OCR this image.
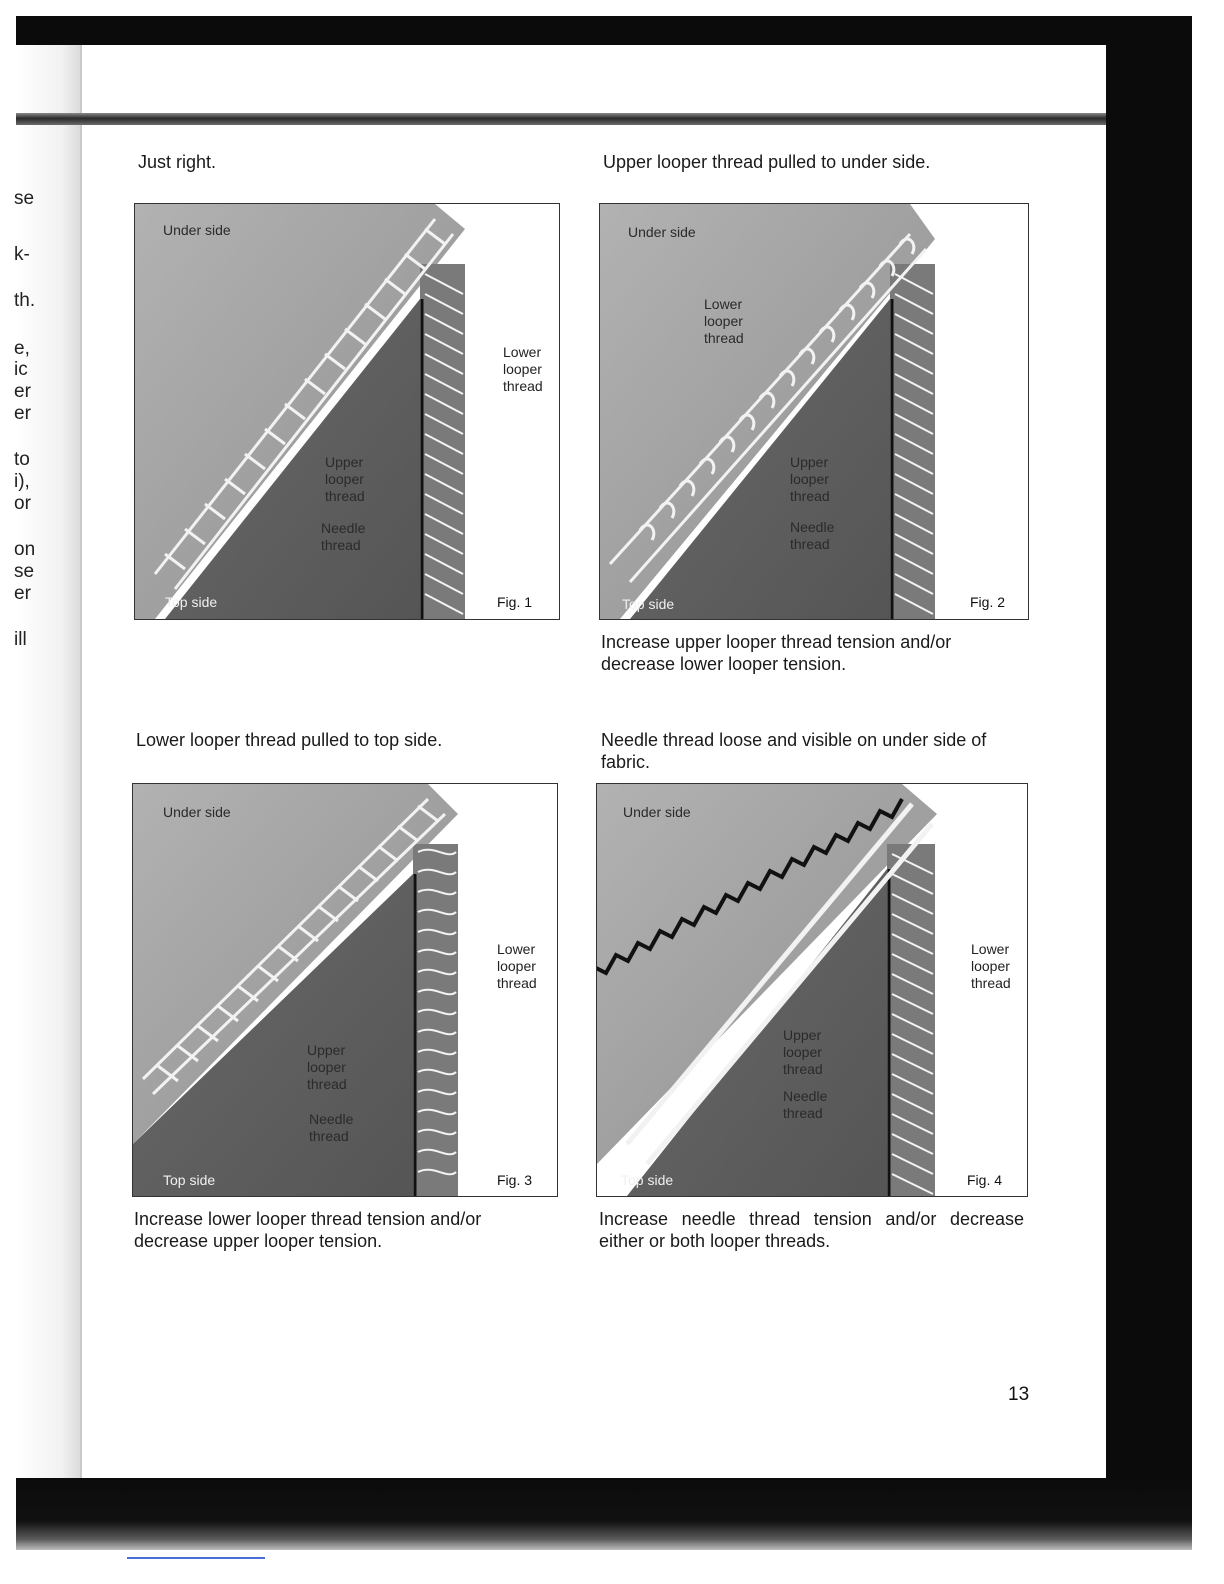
se
k-
th.
e,
ic
er
er
to
i),
or
on
se
er
ill
Just right.
Under side
Top side
Lower
looper
thread
Upper
looper
thread
Needle
thread
Fig. 1
Upper looper thread pulled to under side.
Under side
Top side
Lower
looper
thread
Upper
looper
thread
Needle
thread
Fig. 2
Increase upper looper thread tension and/or decrease lower looper tension.
Lower looper thread pulled to top side.
Under side
Top side
Lower
looper
thread
Upper
looper
thread
Needle
thread
Fig. 3
Increase lower looper thread tension and/or decrease upper looper tension.
Needle thread loose and visible on under side of fabric.
Under side
Top side
Lower
looper
thread
Upper
looper
thread
Needle
thread
Fig. 4
Increase needle thread tension and/or decrease either or both looper threads.
13
